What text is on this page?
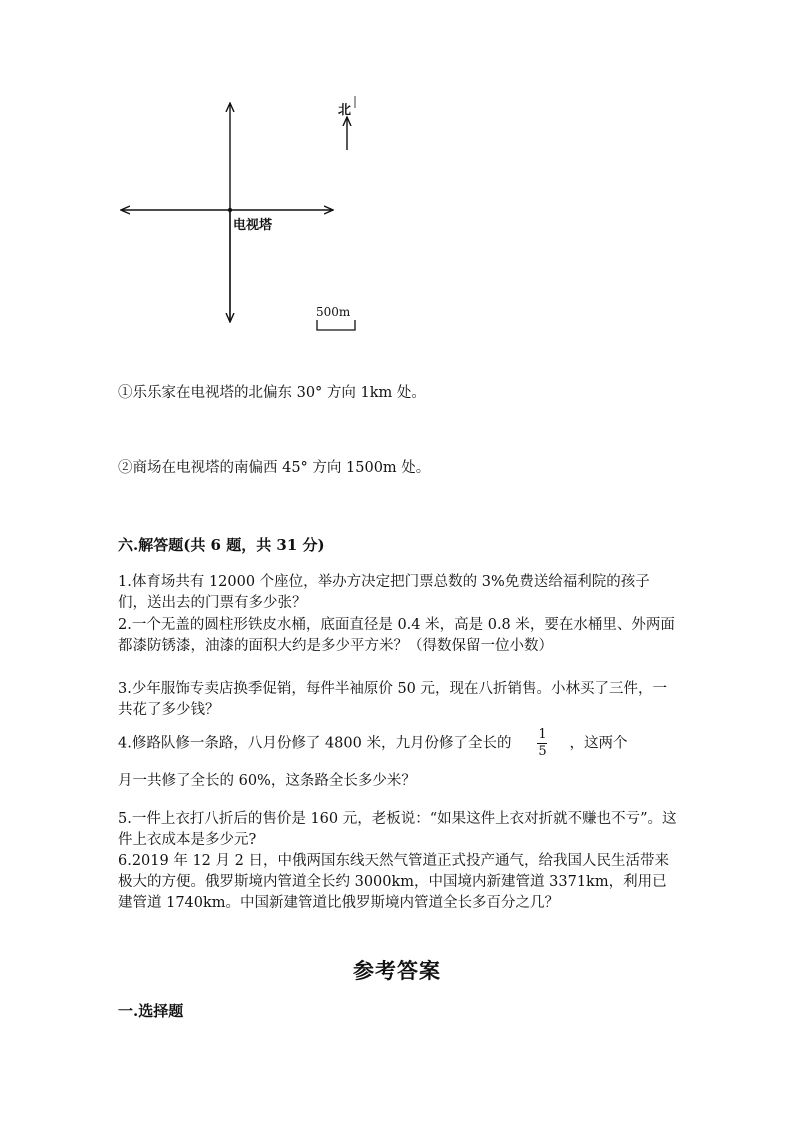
电视塔
北
500m
①乐乐家在电视塔的北偏东 30° 方向 1km 处。
②商场在电视塔的南偏西 45° 方向 1500m 处。
六.解答题(共 6 题，共 31 分)
1.体育场共有 12000 个座位，举办方决定把门票总数的 3%免费送给福利院的孩子们，送出去的门票有多少张？
2.一个无盖的圆柱形铁皮水桶，底面直径是 0.4 米，高是 0.8 米，要在水桶里、外两面都漆防锈漆，油漆的面积大约是多少平方米？（得数保留一位小数）
3.少年服饰专卖店换季促销，每件半袖原价 50 元，现在八折销售。小林买了三件，一共花了多少钱？
4.修路队修一条路，八月份修了 4800 米，九月份修了全长的 $\frac{1}{5}$ ，这两个
月一共修了全长的 60%，这条路全长多少米？
5.一件上衣打八折后的售价是 160 元，老板说：“如果这件上衣对折就不赚也不亏”。这件上衣成本是多少元?
6.2019 年 12 月 2 日，中俄两国东线天然气管道正式投产通气，给我国人民生活带来极大的方便。俄罗斯境内管道全长约 3000km，中国境内新建管道 3371km，利用已建管道 1740km。中国新建管道比俄罗斯境内管道全长多百分之几？
参考答案
一.选择题
